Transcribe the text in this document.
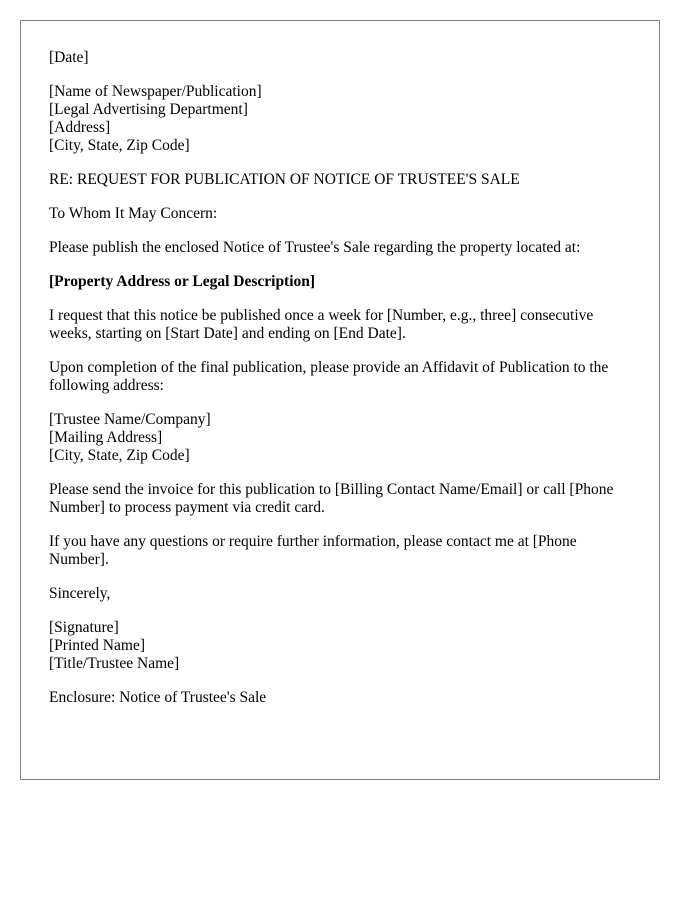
[Date]

[Name of Newspaper/Publication]
[Legal Advertising Department]
[Address]
[City, State, Zip Code]

RE: REQUEST FOR PUBLICATION OF NOTICE OF TRUSTEE'S SALE

To Whom It May Concern:

Please publish the enclosed Notice of Trustee's Sale regarding the property located at:

[Property Address or Legal Description]

I request that this notice be published once a week for [Number, e.g., three] consecutive
weeks, starting on [Start Date] and ending on [End Date].

Upon completion of the final publication, please provide an Affidavit of Publication to the
following address:

[Trustee Name/Company]
[Mailing Address]
[City, State, Zip Code]

Please send the invoice for this publication to [Billing Contact Name/Email] or call [Phone
Number] to process payment via credit card.

If you have any questions or require further information, please contact me at [Phone
Number].

Sincerely,

[Signature]
[Printed Name]
[Title/Trustee Name]

Enclosure: Notice of Trustee's Sale
